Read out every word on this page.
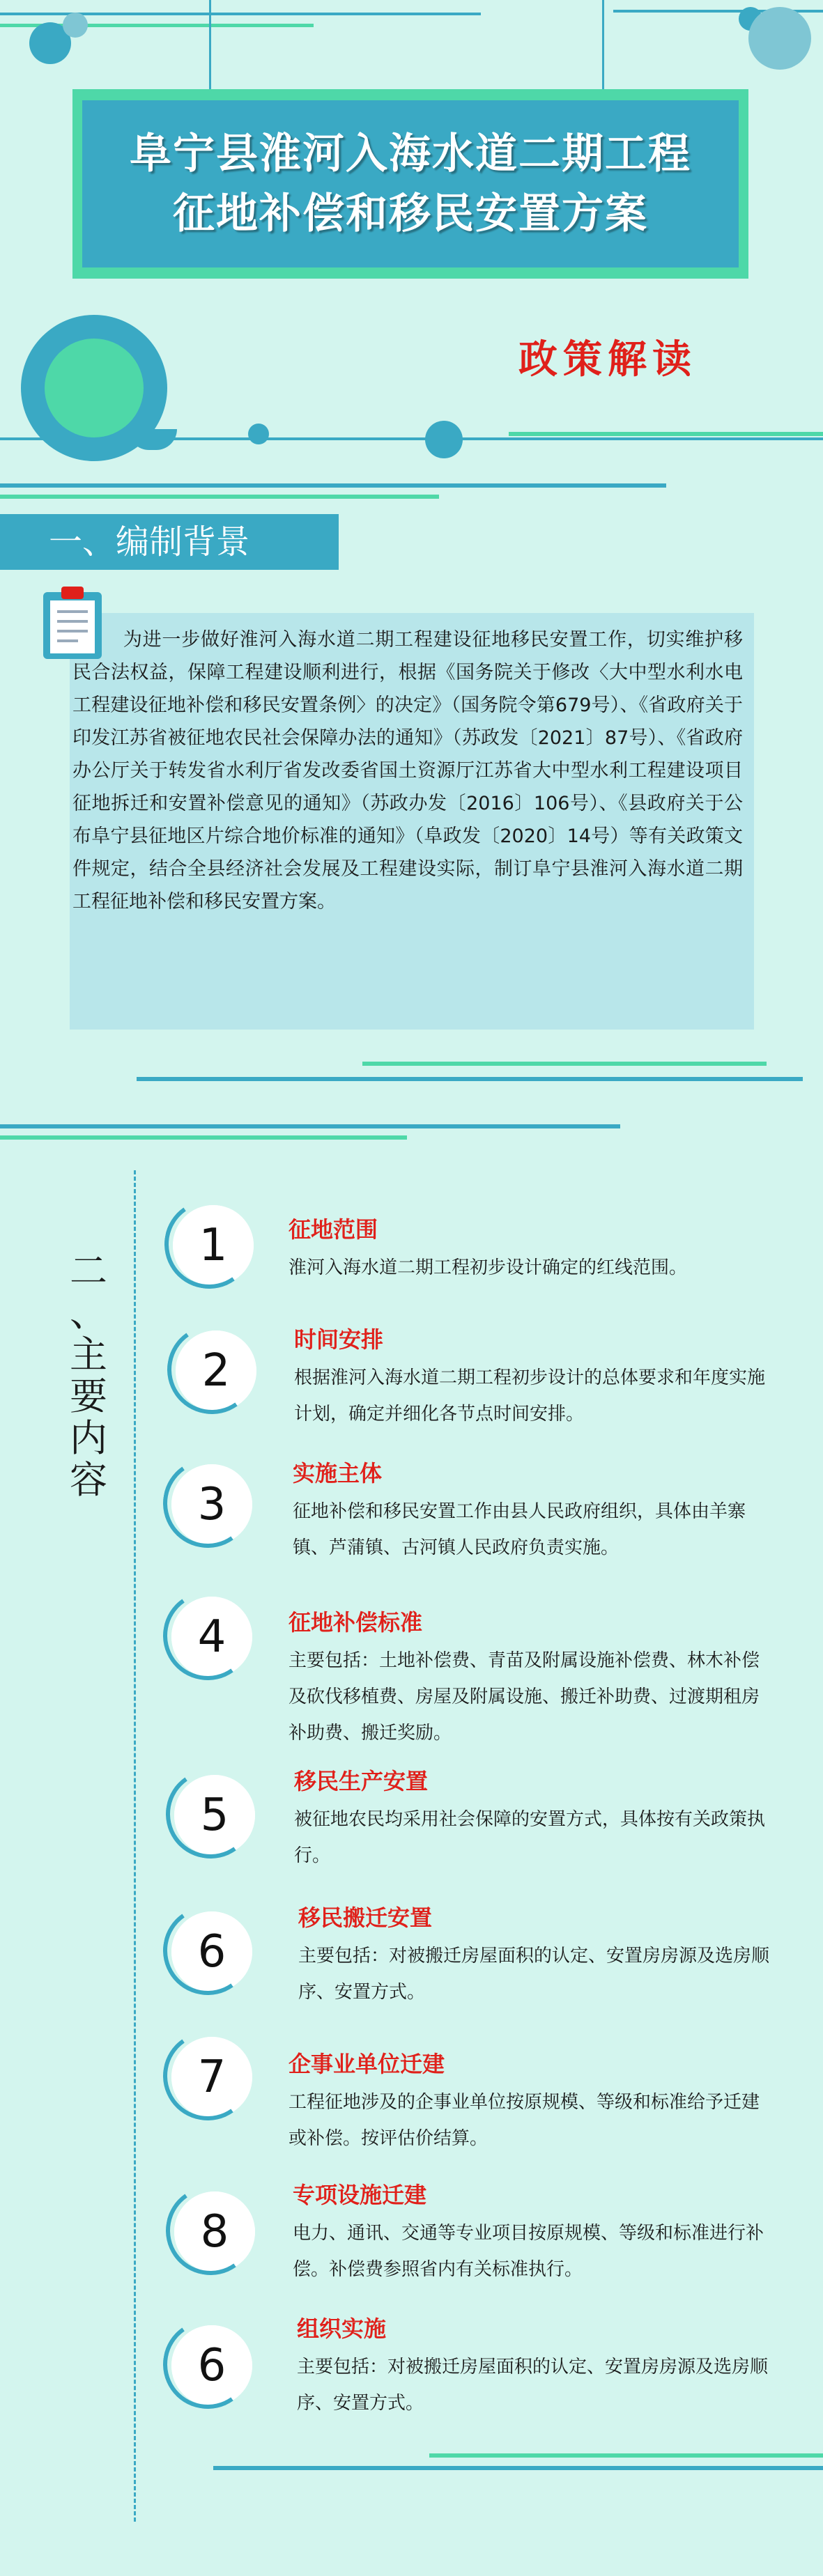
阜宁县淮河入海水道二期工程
征地补偿和移民安置方案
政策解读
一、编制背景
为进一步做好淮河入海水道二期工程建设征地移民安置工作，切实维护移民合法权益，保障工程建设顺利进行，根据《国务院关于修改〈大中型水利水电工程建设征地补偿和移民安置条例〉的决定》（国务院令第679号）、《省政府关于印发江苏省被征地农民社会保障办法的通知》（苏政发〔2021〕87号）、《省政府办公厅关于转发省水利厅省发改委省国土资源厅江苏省大中型水利工程建设项目征地拆迁和安置补偿意见的通知》（苏政办发〔2016〕106号）、《县政府关于公布阜宁县征地区片综合地价标准的通知》（阜政发〔2020〕14号）等有关政策文件规定，结合全县经济社会发展及工程建设实际，制订阜宁县淮河入海水道二期工程征地补偿和移民安置方案。
二
、
主
要
内
容
1	征地范围
淮河入海水道二期工程初步设计确定的红线范围。
2
时间安排
根据淮河入海水道二期工程初步设计的总体要求和年度实施计划，确定并细化各节点时间安排。
3
实施主体
征地补偿和移民安置工作由县人民政府组织，具体由羊寨镇、芦蒲镇、古河镇人民政府负责实施。
4	征地补偿标准
主要包括：土地补偿费、青苗及附属设施补偿费、林木补偿及砍伐移植费、房屋及附属设施、搬迁补助费、过渡期租房补助费、搬迁奖励。
5
移民生产安置
被征地农民均采用社会保障的安置方式，具体按有关政策执行。
6
移民搬迁安置
主要包括：对被搬迁房屋面积的认定、安置房房源及选房顺序、安置方式。
7	企事业单位迁建
工程征地涉及的企事业单位按原规模、等级和标准给予迁建或补偿。按评估价结算。
8
专项设施迁建
电力、通讯、交通等专业项目按原规模、等级和标准进行补偿。补偿费参照省内有关标准执行。
6
组织实施
主要包括：对被搬迁房屋面积的认定、安置房房源及选房顺序、安置方式。
